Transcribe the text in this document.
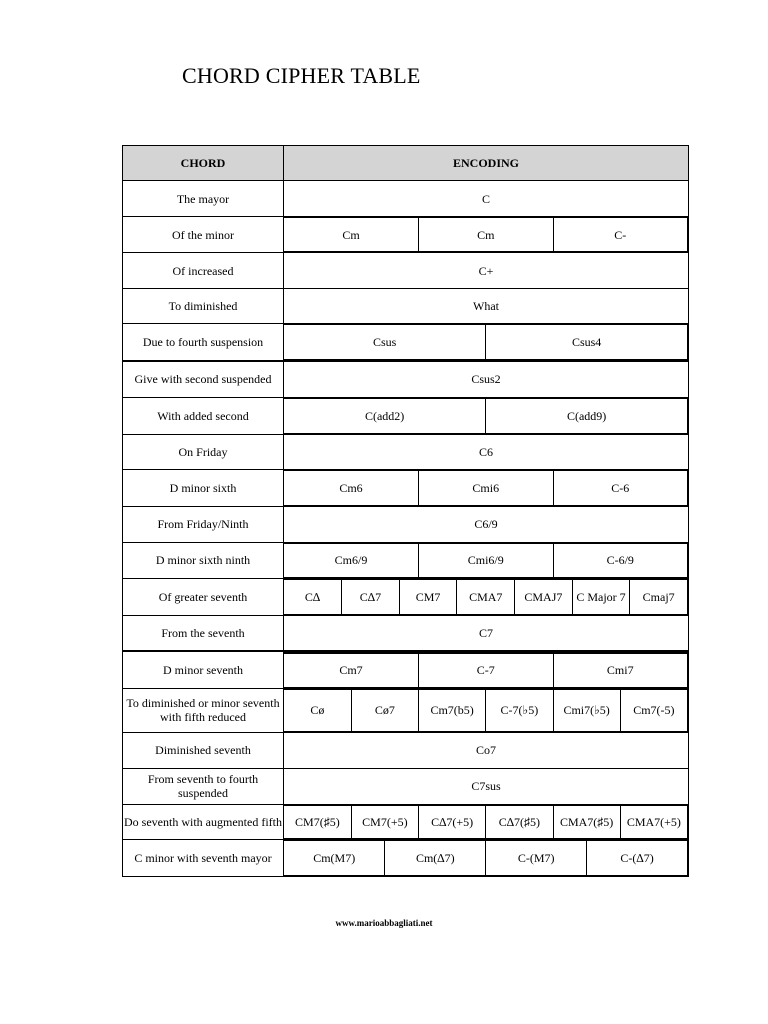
CHORD CIPHER TABLE
CHORD	ENCODING
The mayor	C
Of the minor		Cm	Cm	C-

Of increased	C+
To diminished	What
Due to fourth suspension		Csus	Csus4

Give with second suspended	Csus2
With added second		C(add2)	C(add9)

On Friday	C6
D minor sixth		Cm6	Cmi6	C-6

From Friday/Ninth	C6/9
D minor sixth ninth		Cm6/9	Cmi6/9	C-6/9

Of greater seventh		C∆	C∆7	CM7	CMA7	CMAJ7	C Major 7	Cmaj7

From the seventh	C7
D minor seventh		Cm7	C-7	Cmi7

To diminished or minor seventh with fifth reduced		Cø	Cø7	Cm7(b5)	C-7(♭5)	Cmi7(♭5)	Cm7(-5)

Diminished seventh	Co7
From seventh to fourth suspended	C7sus
Do seventh with augmented fifth	CM7(♯5)	CM7(+5)	C∆7(+5)	C∆7(♯5)	CMA7(♯5)	CMA7(+5)

C minor with seventh mayor		Cm(M7)	Cm(∆7)	C-(M7)	C-(∆7)
www.marioabbagliati.net
